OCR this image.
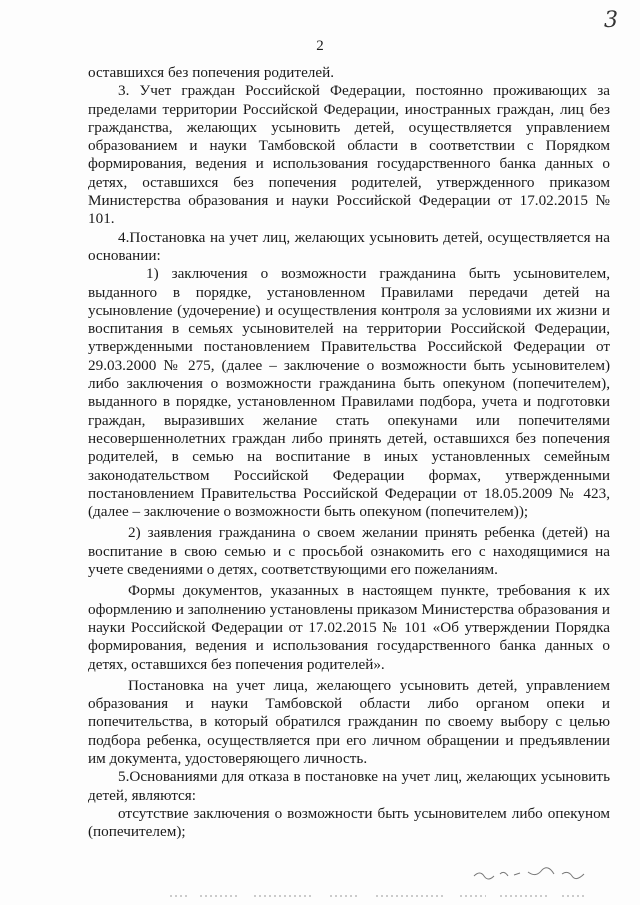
3
2

оставшихся без попечения родителей.

3. Учет граждан Российской Федерации, постоянно проживающих за пределами территории Российской Федерации, иностранных граждан, лиц без гражданства, желающих усыновить детей, осуществляется управлением образованием и науки Тамбовской области в соответствии с Порядком формирования, ведения и использования государственного банка данных о детях, оставшихся без попечения родителей, утвержденного приказом Министерства образования и науки Российской Федерации от 17.02.2015 № 101.

4.Постановка на учет лиц, желающих усыновить детей, осуществляется на основании:

1) заключения о возможности гражданина быть усыновителем, выданного в порядке, установленном Правилами передачи детей на усыновление (удочерение) и осуществления контроля за условиями их жизни и воспитания в семьях усыновителей на территории Российской Федерации, утвержденными постановлением Правительства Российской Федерации от 29.03.2000 № 275, (далее – заключение о возможности быть усыновителем) либо заключения о возможности гражданина быть опекуном (попечителем), выданного в порядке, установленном Правилами подбора, учета и подготовки граждан, выразивших желание стать опекунами или попечителями несовершеннолетних граждан либо принять детей, оставшихся без попечения родителей, в семью на воспитание в иных установленных семейным законодательством Российской Федерации формах, утвержденными постановлением Правительства Российской Федерации от 18.05.2009 № 423, (далее – заключение о возможности быть опекуном (попечителем));

2) заявления гражданина о своем желании принять ребенка (детей) на воспитание в свою семью и с просьбой ознакомить его с находящимися на учете сведениями о детях, соответствующими его пожеланиям.

Формы документов, указанных в настоящем пункте, требования к их оформлению и заполнению установлены приказом Министерства образования и науки Российской Федерации от 17.02.2015 № 101 «Об утверждении Порядка формирования, ведения и использования государственного банка данных о детях, оставшихся без попечения родителей».

Постановка на учет лица, желающего усыновить детей, управлением образования и науки Тамбовской области либо органом опеки и попечительства, в который обратился гражданин по своему выбору с целью подбора ребенка, осуществляется при его личном обращении и предъявлении им документа, удостоверяющего личность.

5.Основаниями для отказа в постановке на учет лиц, желающих усыновить детей, являются:

отсутствие заключения о возможности быть усыновителем либо опекуном (попечителем);
